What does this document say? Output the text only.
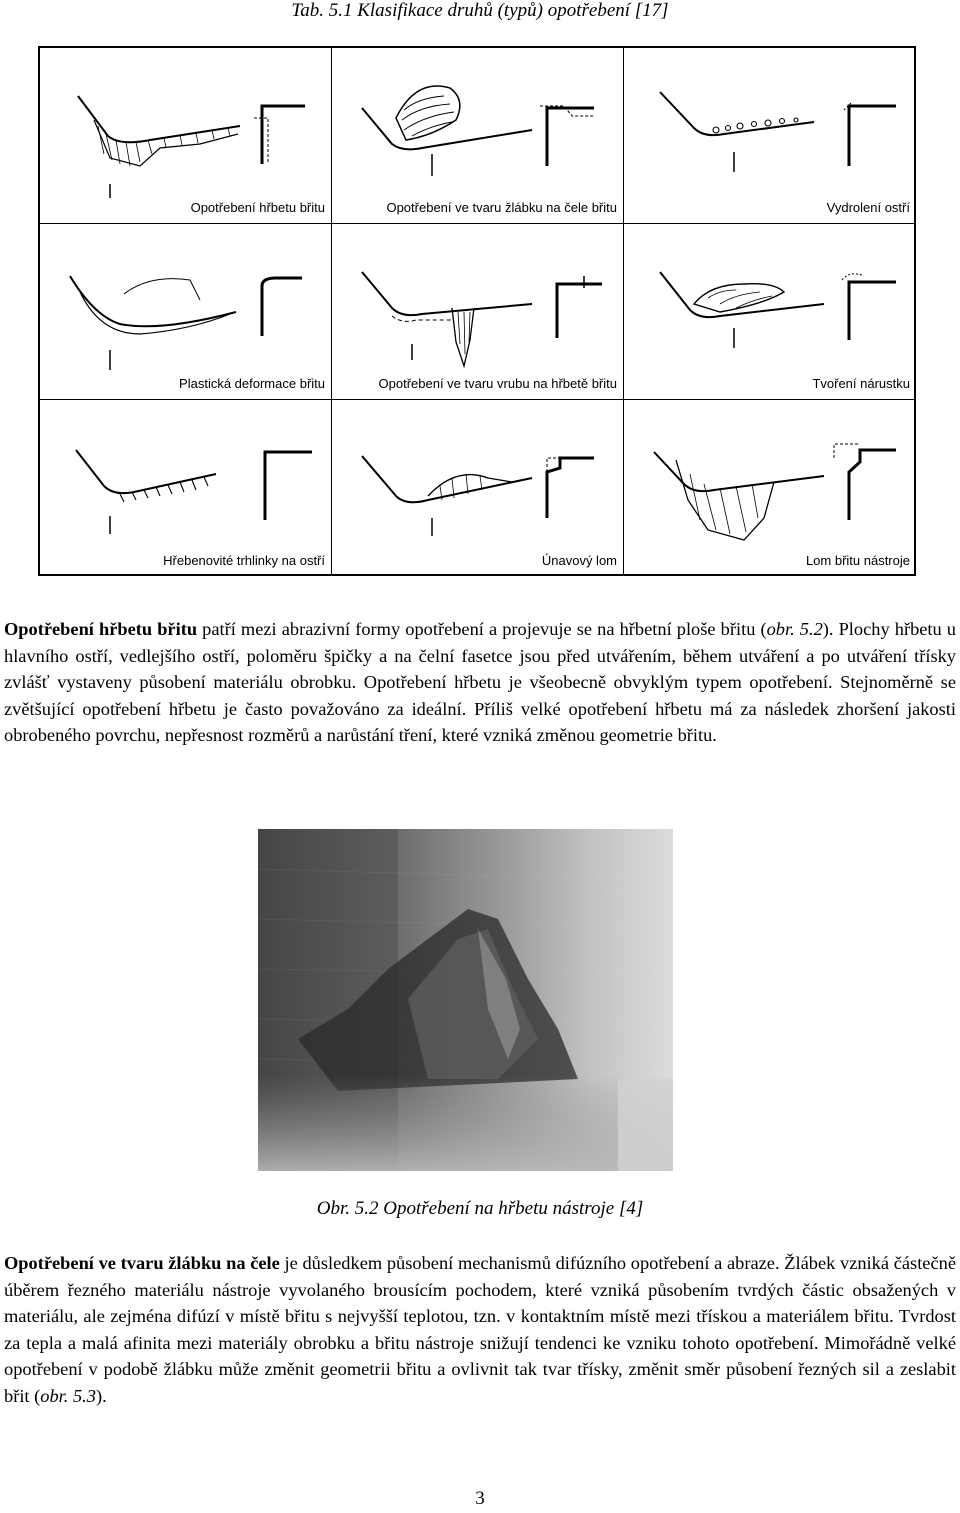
Tab. 5.1 Klasifikace druhů (typů) opotřebení [17]
Opotřebení hřbetu břitu	Opotřebení ve tvaru žlábku na čele břitu	Vydrolení ostří
Plastická deformace břitu	Opotřebení ve tvaru vrubu na hřbetě břitu	Tvoření nárustku
Hřebenovité trhlinky na ostří	Únavový lom	Lom břitu nástroje

Opotřebení hřbetu břitu patří mezi abrazivní formy opotřebení a projevuje se na hřbetní ploše břitu (obr. 5.2). Plochy hřbetu u hlavního ostří, vedlejšího ostří, poloměru špičky a na čelní fasetce jsou před utvářením, během utváření a po utváření třísky zvlášť vystaveny působení materiálu obrobku. Opotřebení hřbetu je všeobecně obvyklým typem opotřebení. Stejnoměrně se zvětšující opotřebení hřbetu je často považováno za ideální. Příliš velké opotřebení hřbetu má za následek zhoršení jakosti obrobeného povrchu, nepřesnost rozměrů a narůstání tření, které vzniká změnou geometrie břitu.

Obr. 5.2 Opotřebení na hřbetu nástroje [4]

Opotřebení ve tvaru žlábku na čele je důsledkem působení mechanismů difúzního opotřebení a abraze. Žlábek vzniká částečně úběrem řezného materiálu nástroje vyvolaného brousícím pochodem, které vzniká působením tvrdých částic obsažených v materiálu, ale zejména difúzí v místě břitu s nejvyšší teplotou, tzn. v kontaktním místě mezi třískou a materiálem břitu. Tvrdost za tepla a malá afinita mezi materiály obrobku a břitu nástroje snižují tendenci ke vzniku tohoto opotřebení. Mimořádně velké opotřebení v podobě žlábku může změnit geometrii břitu a ovlivnit tak tvar třísky, změnit směr působení řezných sil a zeslabit břit (obr. 5.3).

3
